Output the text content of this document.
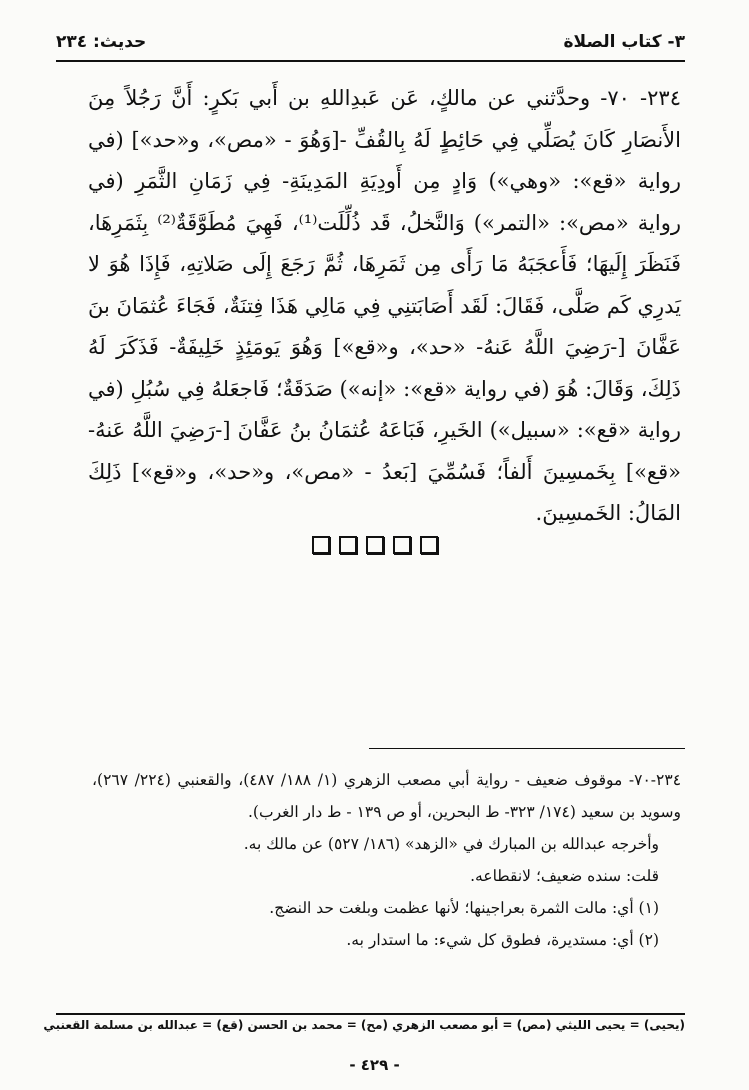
٣- كتاب الصلاة
حديث: ٢٣٤

٢٣٤- ٧٠- وحدَّثني عن مالكٍ، عَن عَبدِاللهِ بن أَبي بَكرٍ: أَنَّ رَجُلاً مِنَ الأَنصَارِ كَانَ يُصَلِّي فِي حَائِطٍ لَهُ بِالقُفِّ -[وَهُوَ - «مص»، و«حد»] (في رواية «قع»: «وهي») وَادٍ مِن أَودِيَةِ المَدِينَةِ- فِي زَمَانِ الثَّمَرِ (في رواية «مص»: «التمر») وَالنَّخلُ، قَد ذُلِّلَت⁽¹⁾، فَهِيَ مُطَوَّقَةٌ⁽²⁾ بِثَمَرِهَا، فَنَظَرَ إِلَيهَا؛ فَأَعجَبَهُ مَا رَأَى مِن ثَمَرِهَا، ثُمَّ رَجَعَ إِلَى صَلاتِهِ، فَإِذَا هُوَ لا يَدرِي كَم صَلَّى، فَقَالَ: لَقَد أَصَابَتنِي فِي مَالِي هَذَا فِتنَةٌ، فَجَاءَ عُثمَانَ بنَ عَفَّانَ [-رَضِيَ اللَّهُ عَنهُ- «حد»، و«قع»] وَهُوَ يَومَئِذٍ خَلِيفَةٌ- فَذَكَرَ لَهُ ذَلِكَ، وَقَالَ: هُوَ (في رواية «قع»: «إنه») صَدَقَةٌ؛ فَاجعَلهُ فِي سُبُلِ (في رواية «قع»: «سبيل») الخَيرِ، فَبَاعَهُ عُثمَانُ بنُ عَفَّانَ [-رَضِيَ اللَّهُ عَنهُ- «قع»] بِخَمسِينَ أَلفاً؛ فَسُمِّيَ [بَعدُ - «مص»، و«حد»، و«قع»] ذَلِكَ المَالُ: الخَمسِينَ.

٢٣٤-٧٠- موقوف ضعيف - رواية أبي مصعب الزهري (١/ ١٨٨/ ٤٨٧)، والقعنبي (٢٢٤/ ٢٦٧)، وسويد بن سعيد (١٧٤/ ٣٢٣- ط البحرين، أو ص ١٣٩ - ط دار الغرب).

وأخرجه عبدالله بن المبارك في «الزهد» (١٨٦/ ٥٢٧) عن مالك به.

قلت: سنده ضعيف؛ لانقطاعه.

(١) أي: مالت الثمرة بعراجينها؛ لأنها عظمت وبلغت حد النضج.

(٢) أي: مستديرة، فطوق كل شيء: ما استدار به.

(يحيى) = يحيى الليثي (مص) = أبو مصعب الزهري (مح) = محمد بن الحسن (قع) = عبدالله بن مسلمة القعنبي
- ٤٢٩ -
